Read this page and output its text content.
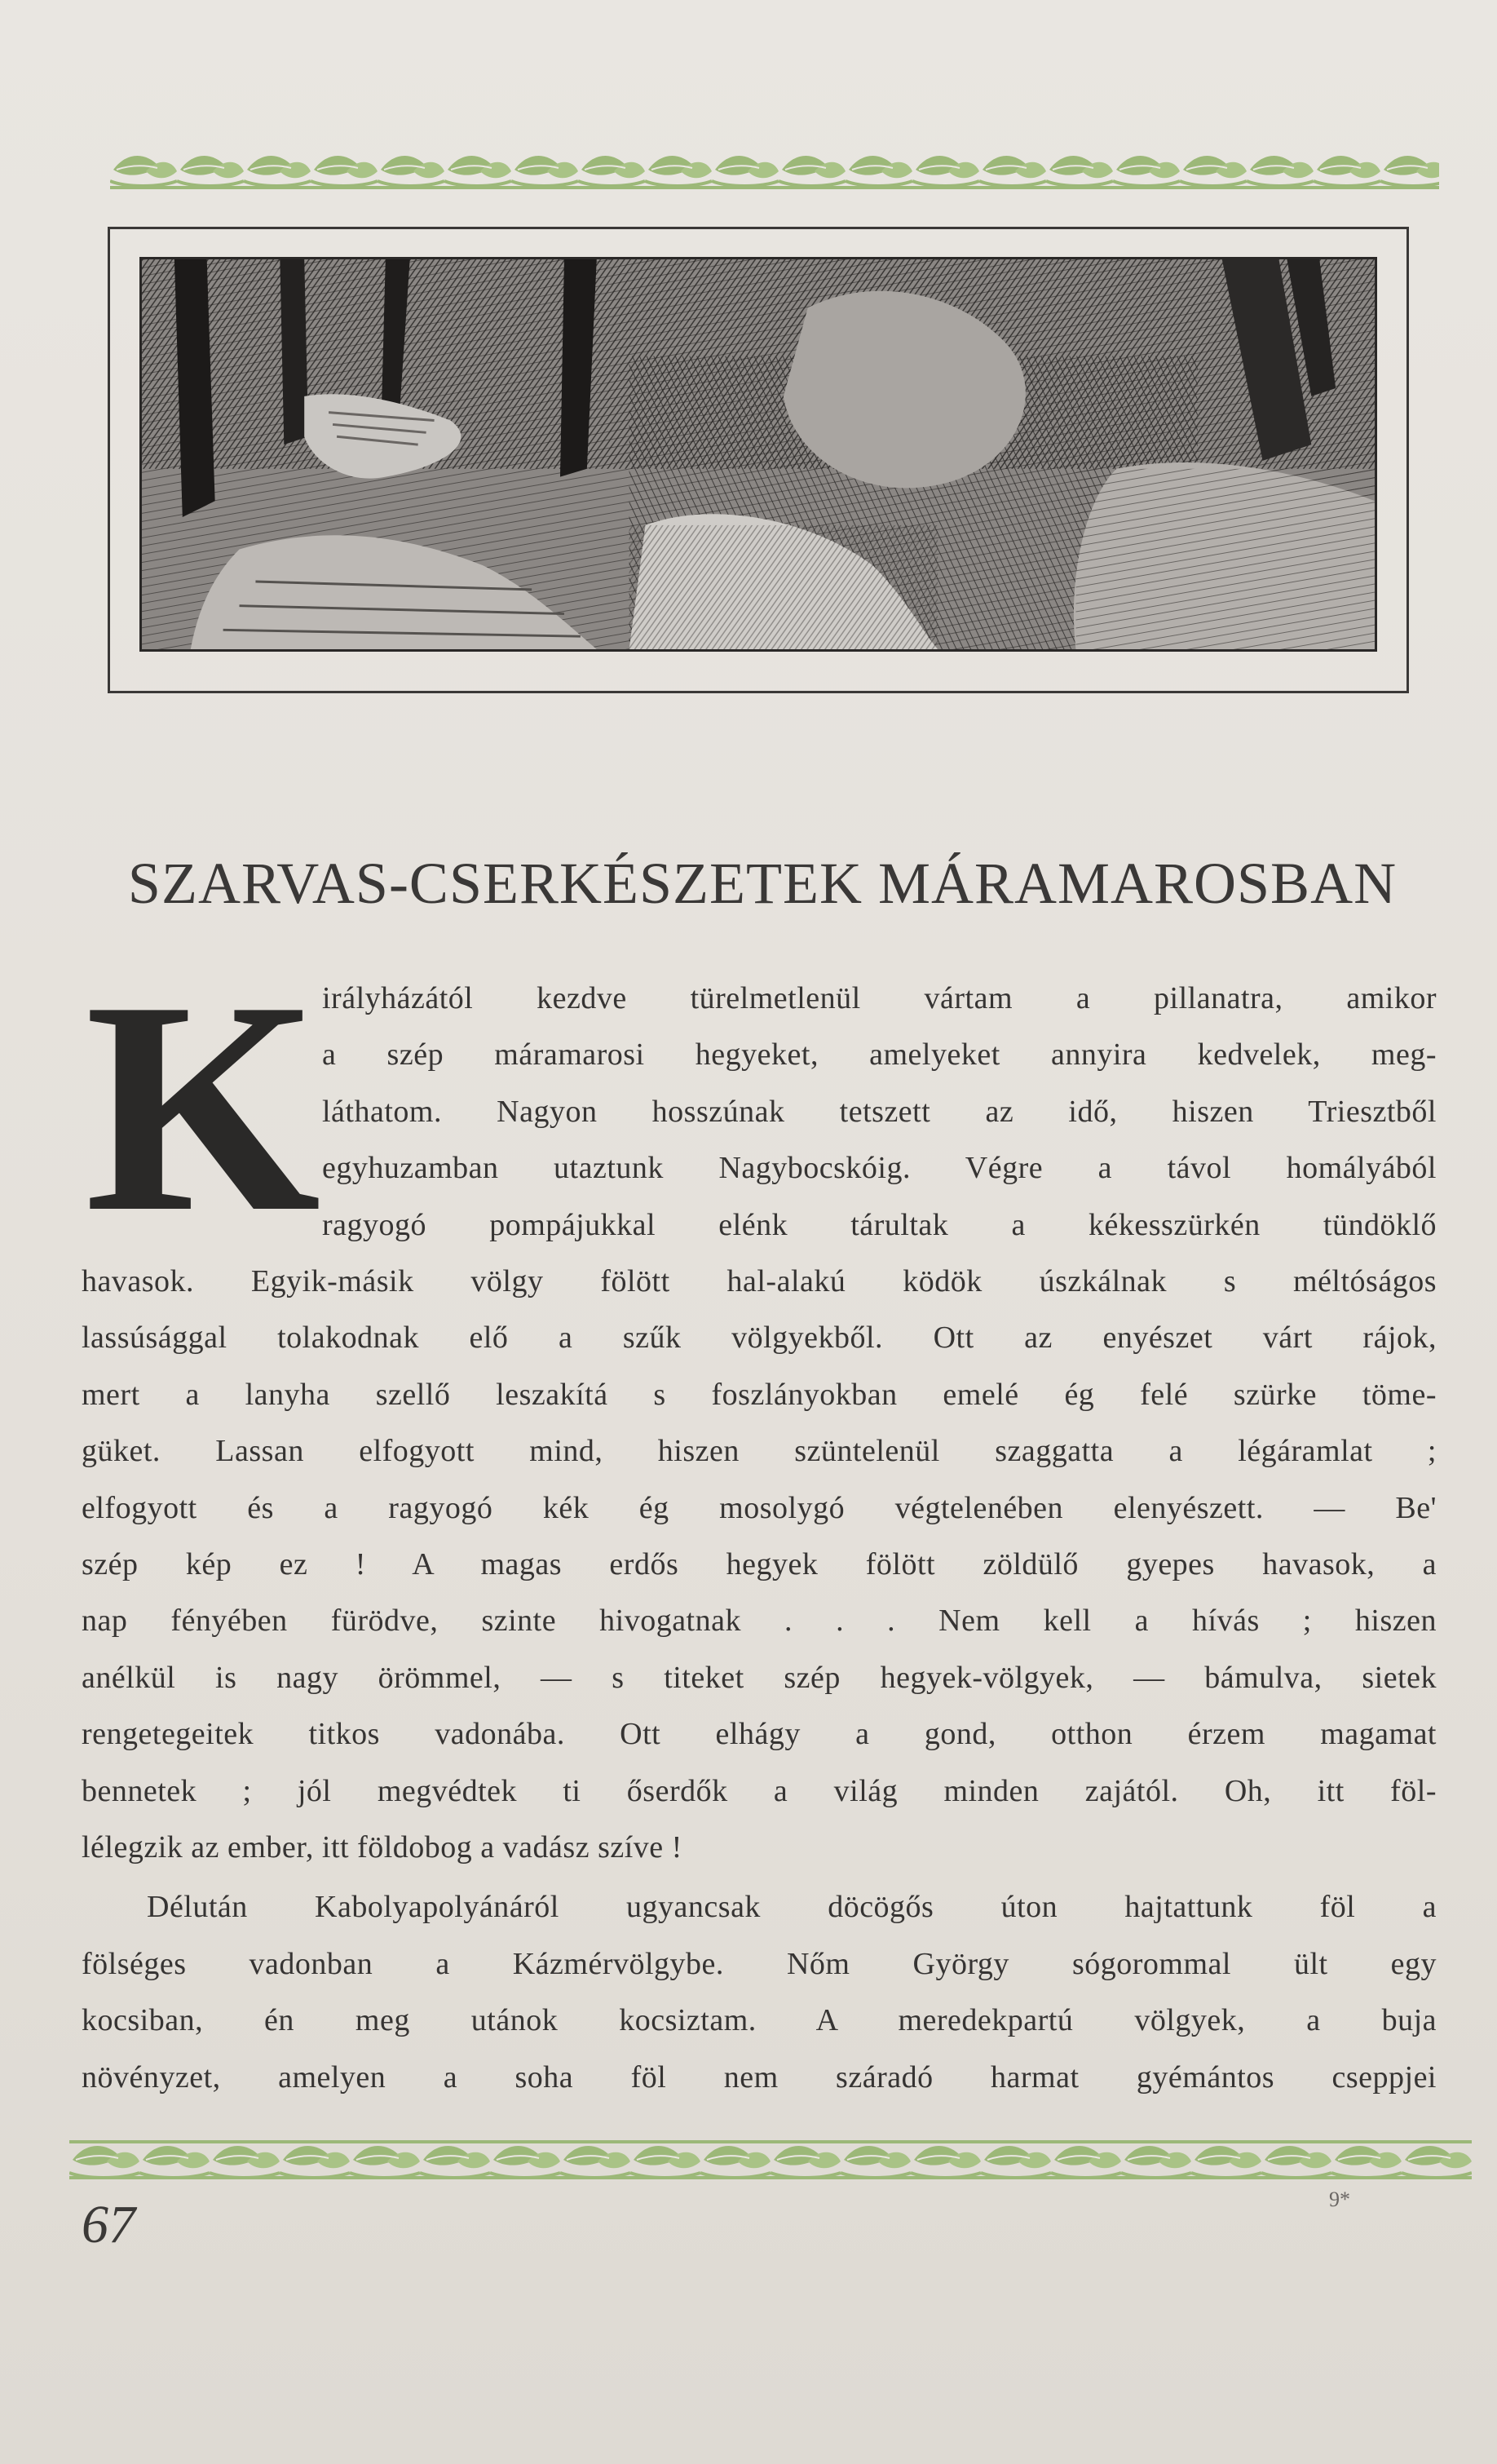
SZARVAS-CSERKÉSZETEK MÁRAMAROSBAN
K irályházától kezdve türelmetlenül vártam a pillanatra, amikor
a szép máramarosi hegyeket, amelyeket annyira kedvelek, meg-
láthatom. Nagyon hosszúnak tetszett az idő, hiszen Triesztből
egyhuzamban utaztunk Nagybocskóig. Végre a távol homályából
ragyogó pompájukkal elénk tárultak a kékesszürkén tündöklő
havasok. Egyik-másik völgy fölött hal-alakú ködök úszkálnak s méltóságos
lassúsággal tolakodnak elő a szűk völgyekből. Ott az enyészet várt rájok,
mert a lanyha szellő leszakítá s foszlányokban emelé ég felé szürke töme-
güket. Lassan elfogyott mind, hiszen szüntelenül szaggatta a légáramlat ;
elfogyott és a ragyogó kék ég mosolygó végtelenében elenyészett. — Be'
szép kép ez ! A magas erdős hegyek fölött zöldülő gyepes havasok, a
nap fényében fürödve, szinte hivogatnak . . . Nem kell a hívás ; hiszen
anélkül is nagy örömmel, — s titeket szép hegyek-völgyek, — bámulva, sietek
rengetegeitek titkos vadonába. Ott elhágy a gond, otthon érzem magamat
bennetek ; jól megvédtek ti őserdők a világ minden zajától. Oh, itt föl-
lélegzik az ember, itt földobog a vadász szíve !
Délután Kabolyapolyánáról ugyancsak döcögős úton hajtattunk föl a
fölséges vadonban a Kázmérvölgybe. Nőm György sógorommal ült egy
kocsiban, én meg utánok kocsiztam. A meredekpartú völgyek, a buja
növényzet, amelyen a soha föl nem száradó harmat gyémántos cseppjei
67	9*
